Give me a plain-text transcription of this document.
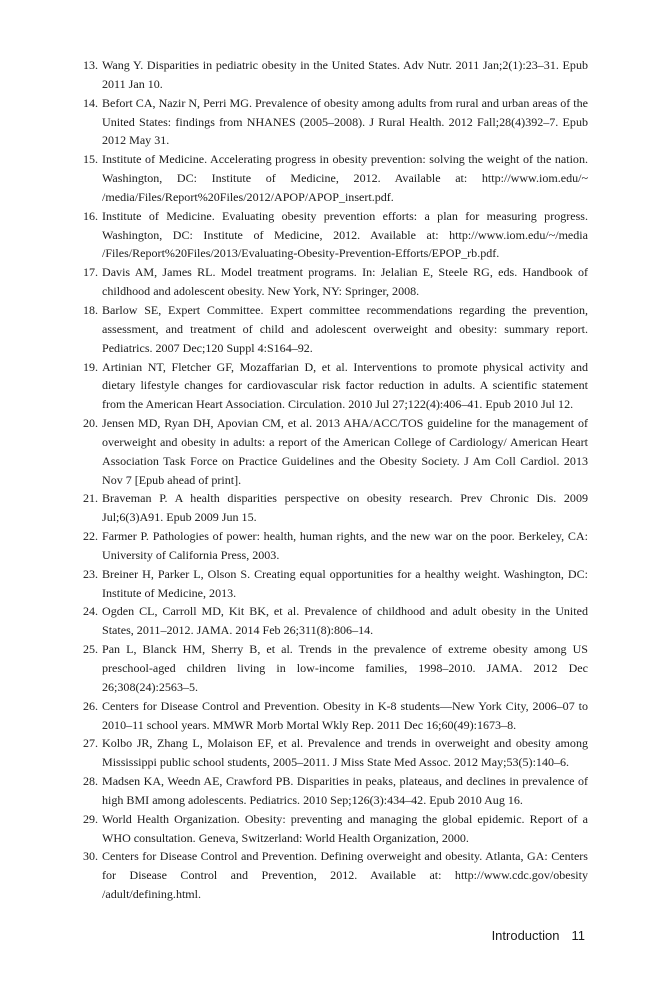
13. Wang Y. Disparities in pediatric obesity in the United States. Adv Nutr. 2011 Jan;2(1):23–31. Epub 2011 Jan 10.
14. Befort CA, Nazir N, Perri MG. Prevalence of obesity among adults from rural and urban areas of the United States: findings from NHANES (2005–2008). J Rural Health. 2012 Fall;28(4)392–7. Epub 2012 May 31.
15. Institute of Medicine. Accelerating progress in obesity prevention: solving the weight of the nation. Washington, DC: Institute of Medicine, 2012. Available at: http://www.iom.edu/~ /media/Files/Report%20Files/2012/APOP/APOP_insert.pdf.
16. Institute of Medicine. Evaluating obesity prevention efforts: a plan for measuring progress. Washington, DC: Institute of Medicine, 2012. Available at: http://www.iom.edu/~/media /Files/Report%20Files/2013/Evaluating-Obesity-Prevention-Efforts/EPOP_rb.pdf.
17. Davis AM, James RL. Model treatment programs. In: Jelalian E, Steele RG, eds. Handbook of childhood and adolescent obesity. New York, NY: Springer, 2008.
18. Barlow SE, Expert Committee. Expert committee recommendations regarding the prevention, assessment, and treatment of child and adolescent overweight and obesity: summary report. Pediatrics. 2007 Dec;120 Suppl 4:S164–92.
19. Artinian NT, Fletcher GF, Mozaffarian D, et al. Interventions to promote physical activity and dietary lifestyle changes for cardiovascular risk factor reduction in adults. A scientific statement from the American Heart Association. Circulation. 2010 Jul 27;122(4):406–41. Epub 2010 Jul 12.
20. Jensen MD, Ryan DH, Apovian CM, et al. 2013 AHA/ACC/TOS guideline for the management of overweight and obesity in adults: a report of the American College of Cardiology/ American Heart Association Task Force on Practice Guidelines and the Obesity Society. J Am Coll Cardiol. 2013 Nov 7 [Epub ahead of print].
21. Braveman P. A health disparities perspective on obesity research. Prev Chronic Dis. 2009 Jul;6(3)A91. Epub 2009 Jun 15.
22. Farmer P. Pathologies of power: health, human rights, and the new war on the poor. Berkeley, CA: University of California Press, 2003.
23. Breiner H, Parker L, Olson S. Creating equal opportunities for a healthy weight. Washington, DC: Institute of Medicine, 2013.
24. Ogden CL, Carroll MD, Kit BK, et al. Prevalence of childhood and adult obesity in the United States, 2011–2012. JAMA. 2014 Feb 26;311(8):806–14.
25. Pan L, Blanck HM, Sherry B, et al. Trends in the prevalence of extreme obesity among US preschool-aged children living in low-income families, 1998–2010. JAMA. 2012 Dec 26;308(24):2563–5.
26. Centers for Disease Control and Prevention. Obesity in K-8 students—New York City, 2006–07 to 2010–11 school years. MMWR Morb Mortal Wkly Rep. 2011 Dec 16;60(49):1673–8.
27. Kolbo JR, Zhang L, Molaison EF, et al. Prevalence and trends in overweight and obesity among Mississippi public school students, 2005–2011. J Miss State Med Assoc. 2012 May;53(5):140–6.
28. Madsen KA, Weedn AE, Crawford PB. Disparities in peaks, plateaus, and declines in prevalence of high BMI among adolescents. Pediatrics. 2010 Sep;126(3):434–42. Epub 2010 Aug 16.
29. World Health Organization. Obesity: preventing and managing the global epidemic. Report of a WHO consultation. Geneva, Switzerland: World Health Organization, 2000.
30. Centers for Disease Control and Prevention. Defining overweight and obesity. Atlanta, GA: Centers for Disease Control and Prevention, 2012. Available at: http://www.cdc.gov/obesity /adult/defining.html.
Introduction 11
